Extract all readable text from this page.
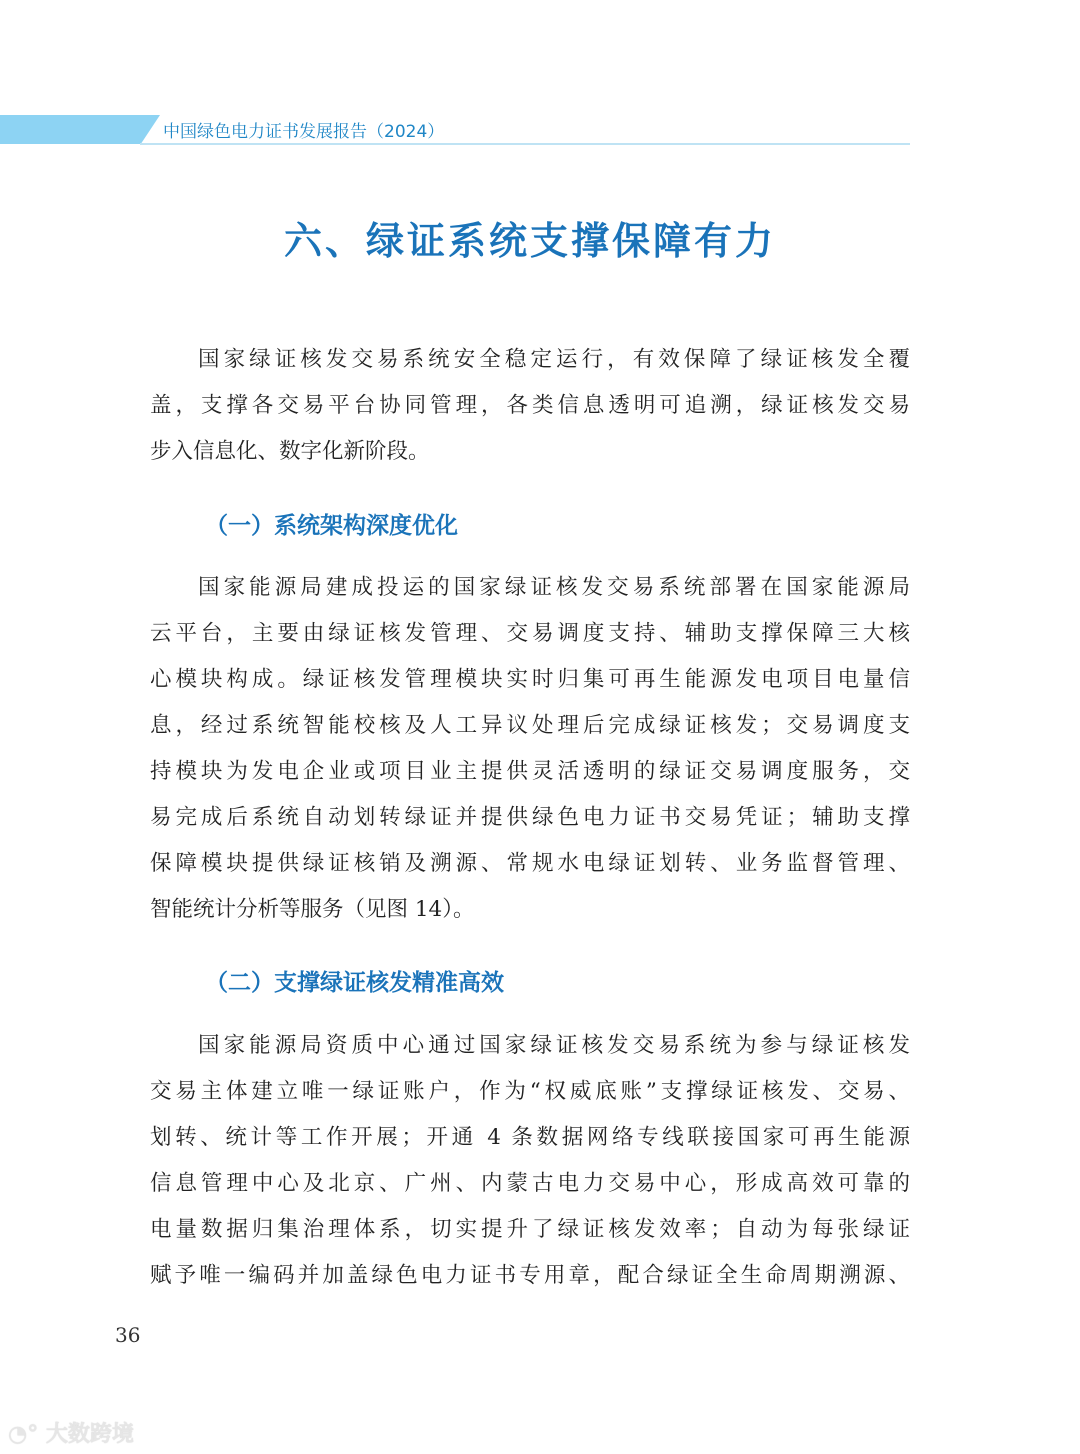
中国绿色电力证书发展报告（2024）
六、绿证系统支撑保障有力
国家绿证核发交易系统安全稳定运行，有效保障了绿证核发全覆
盖，支撑各交易平台协同管理，各类信息透明可追溯，绿证核发交易
步入信息化、数字化新阶段。
（一）系统架构深度优化
国家能源局建成投运的国家绿证核发交易系统部署在国家能源局
云平台，主要由绿证核发管理、交易调度支持、辅助支撑保障三大核
心模块构成。绿证核发管理模块实时归集可再生能源发电项目电量信
息，经过系统智能校核及人工异议处理后完成绿证核发；交易调度支
持模块为发电企业或项目业主提供灵活透明的绿证交易调度服务，交
易完成后系统自动划转绿证并提供绿色电力证书交易凭证；辅助支撑
保障模块提供绿证核销及溯源、常规水电绿证划转、业务监督管理、
智能统计分析等服务（见图 14）。
（二）支撑绿证核发精准高效
国家能源局资质中心通过国家绿证核发交易系统为参与绿证核发
交易主体建立唯一绿证账户，作为“权威底账”支撑绿证核发、交易、
划转、统计等工作开展；开通 4 条数据网络专线联接国家可再生能源
信息管理中心及北京、广州、内蒙古电力交易中心，形成高效可靠的
电量数据归集治理体系，切实提升了绿证核发效率；自动为每张绿证
赋予唯一编码并加盖绿色电力证书专用章，配合绿证全生命周期溯源、
36
◔° 大数跨境
